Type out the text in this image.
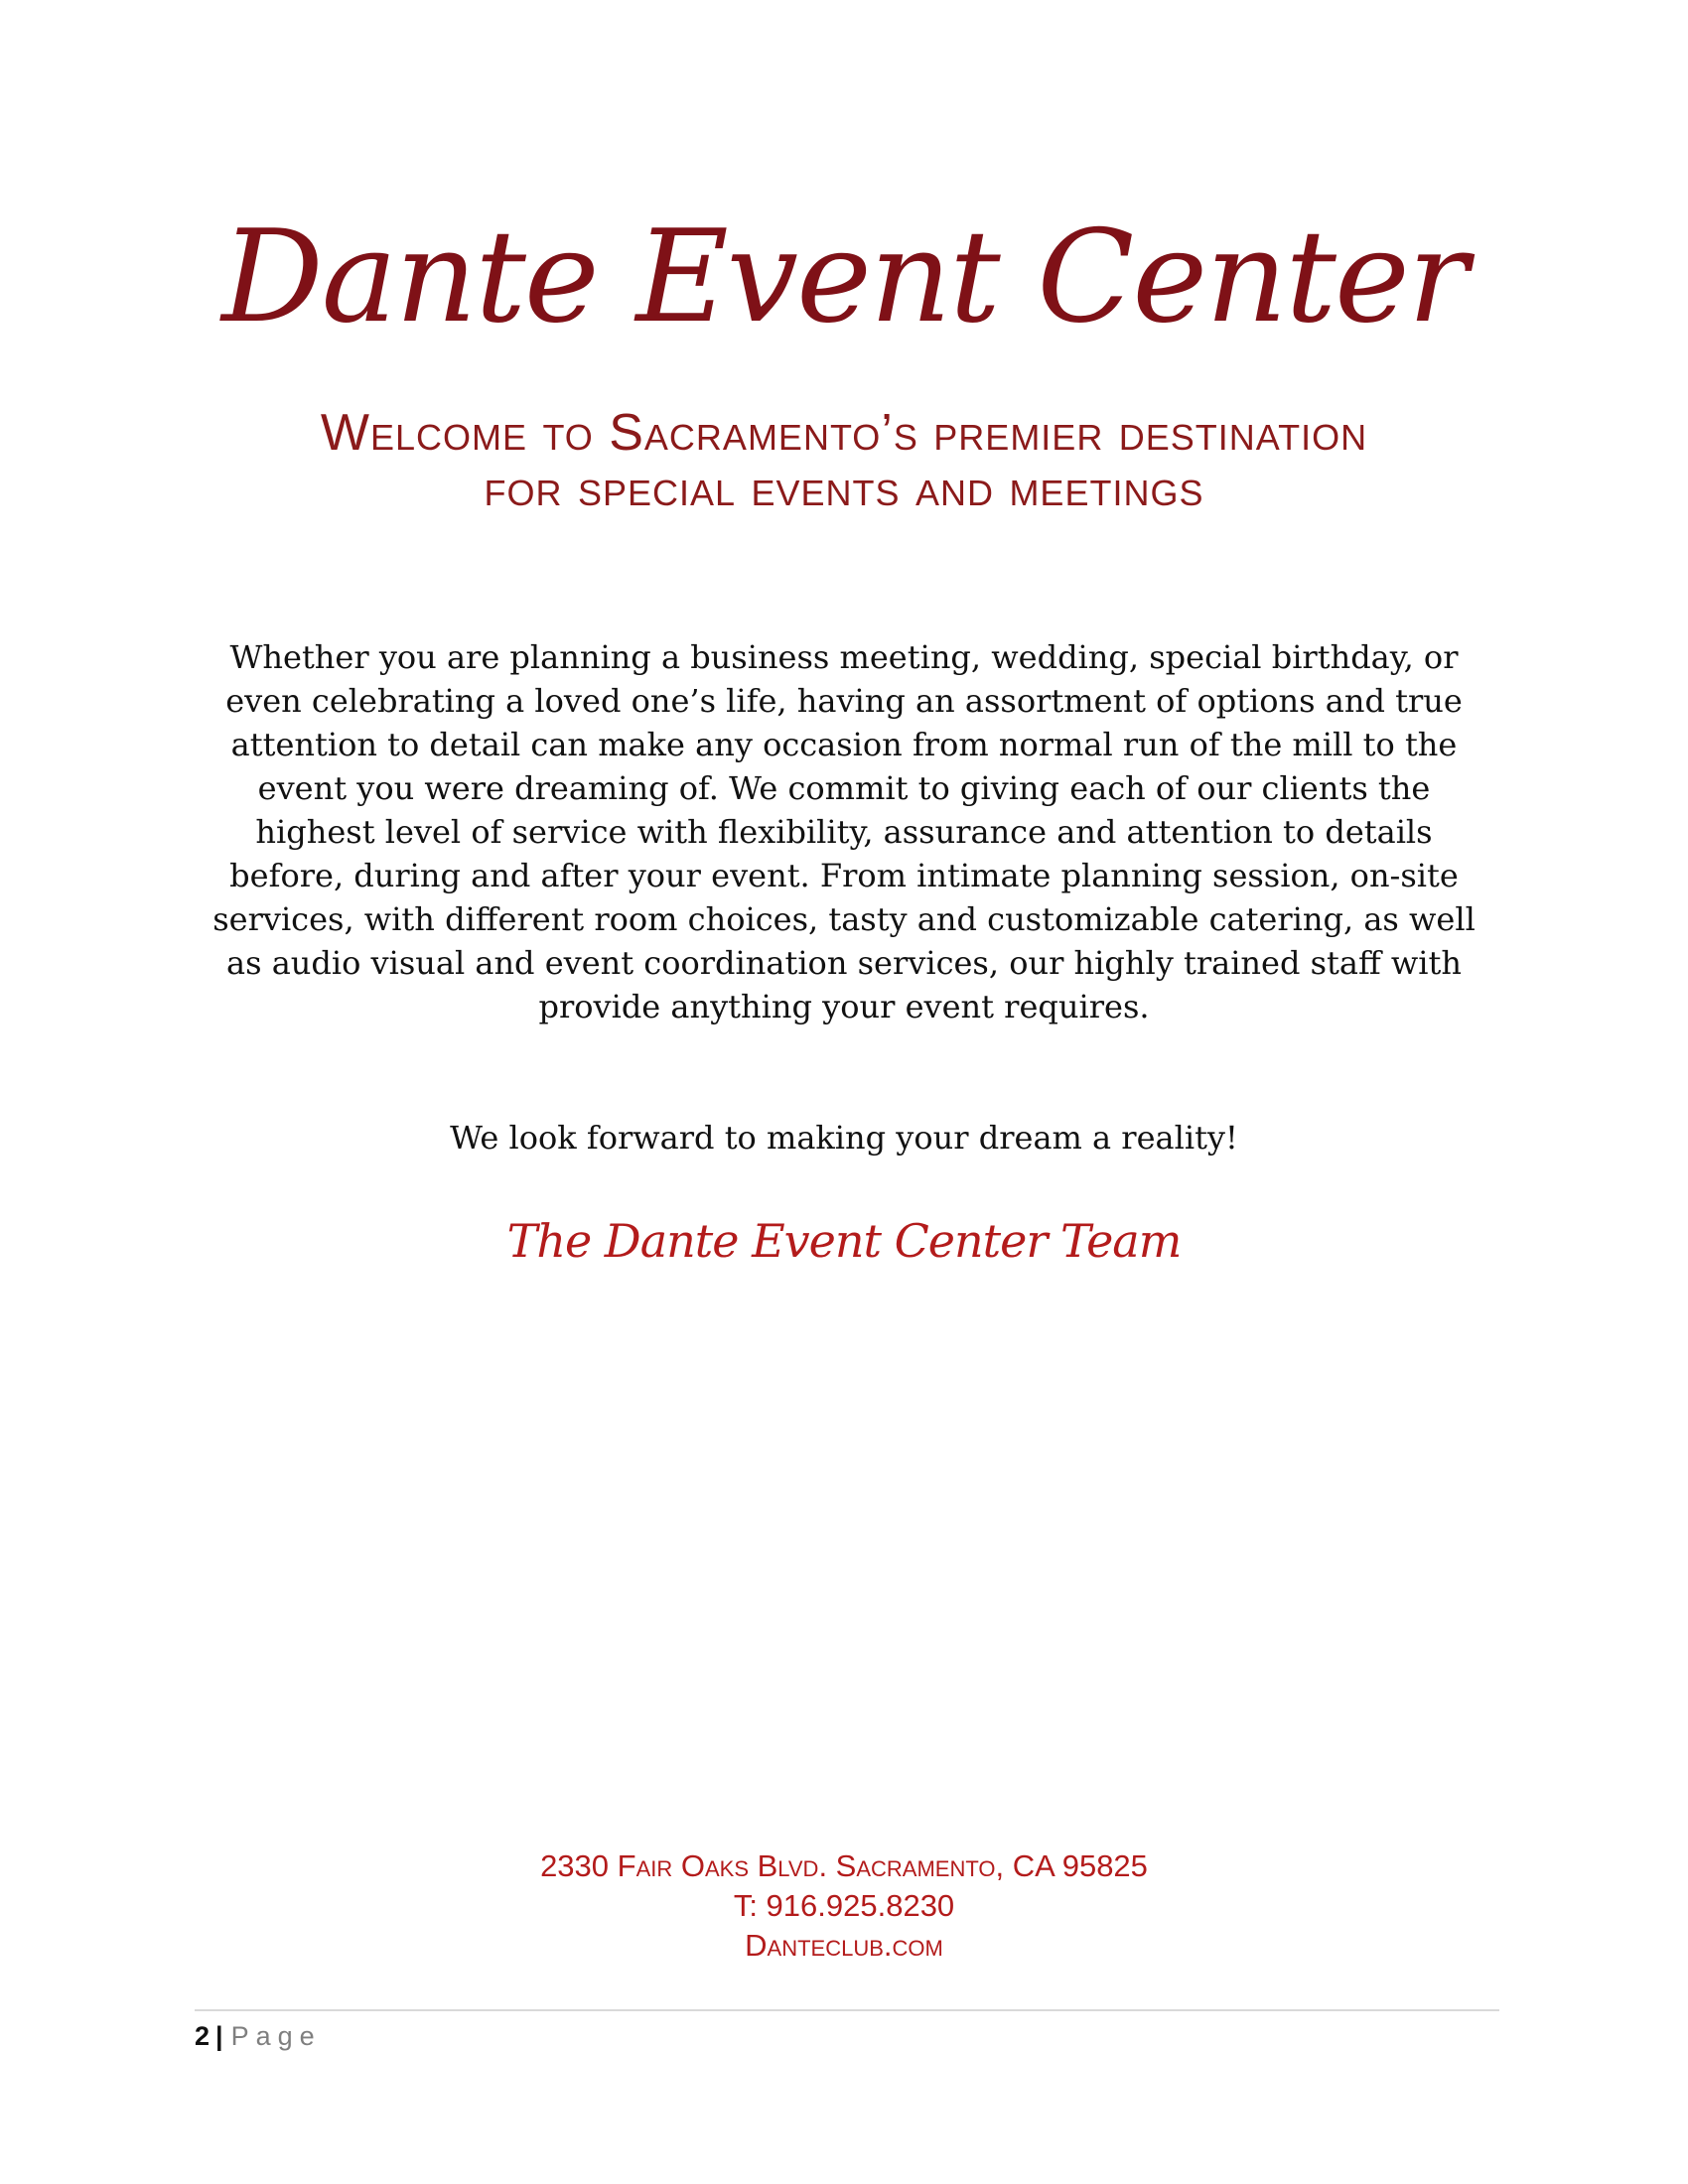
Dante Event Center
Welcome to Sacramento’s premier destination
for special events and meetings

Whether you are planning a business meeting, wedding, special birthday, or even celebrating a loved one’s life, having an assortment of options and true attention to detail can make any occasion from normal run of the mill to the event you were dreaming of. We commit to giving each of our clients the highest level of service with flexibility, assurance and attention to details before, during and after your event. From intimate planning session, on-site services, with different room choices, tasty and customizable catering, as well as audio visual and event coordination services, our highly trained staff with provide anything your event requires.

We look forward to making your dream a reality!
The Dante Event Center Team
2330 Fair Oaks Blvd. Sacramento, CA 95825
T: 916.925.8230
Danteclub.com
2 | Page
